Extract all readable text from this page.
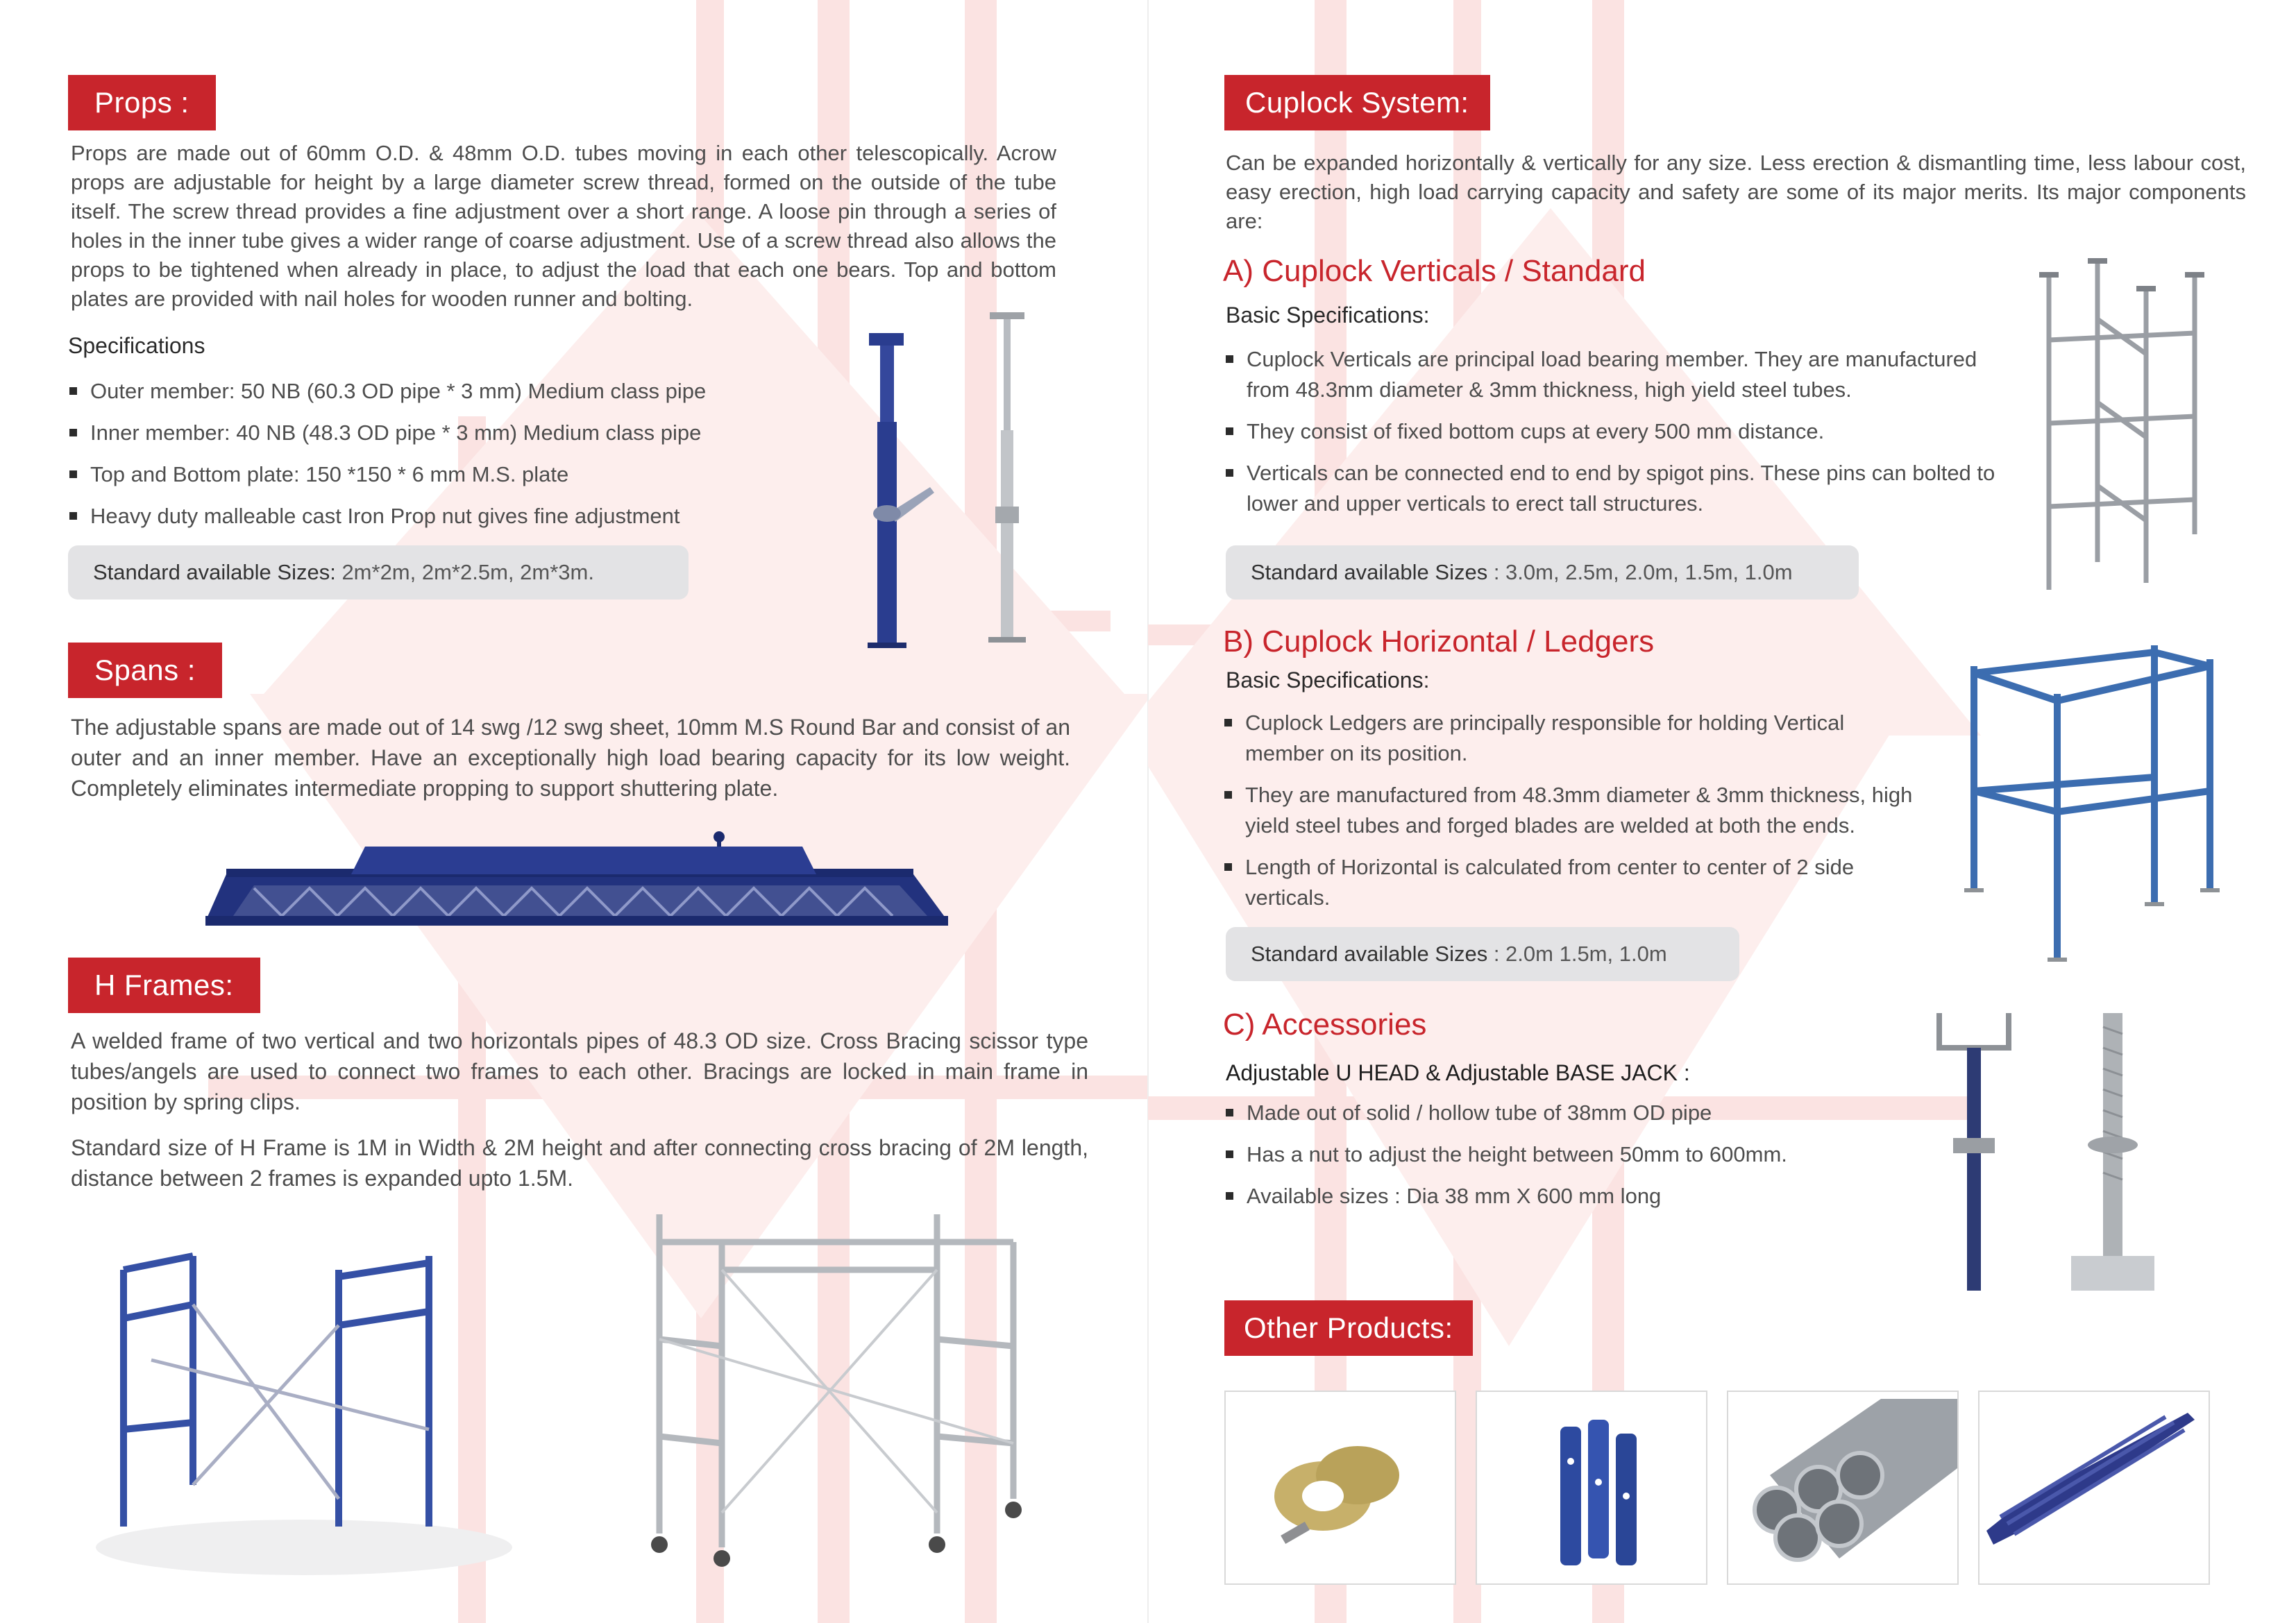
Props :

Props are made out of 60mm O.D. & 48mm O.D. tubes moving in each other telescopically. Acrow props are adjustable for height by a large diameter screw thread, formed on the outside of the tube itself. The screw thread provides a fine adjustment over a short range. A loose pin through a series of holes in the inner tube gives a wider range of coarse adjustment. Use of a screw thread also allows the props to be tightened when already in place, to adjust the load that each one bears. Top and bottom plates are provided with nail holes for wooden runner and bolting.

Specifications
Outer member: 50 NB (60.3 OD pipe * 3 mm) Medium class pipe
Inner member: 40 NB (48.3 OD pipe * 3 mm) Medium class pipe
Top and Bottom plate: 150 *150 * 6 mm M.S. plate
Heavy duty malleable cast Iron Prop nut gives fine adjustment
Standard available Sizes: 2m*2m, 2m*2.5m, 2m*3m.
Spans :

The adjustable spans are made out of 14 swg /12 swg sheet, 10mm M.S Round Bar and consist of an outer and an inner member. Have an exceptionally high load bearing capacity for its low weight. Completely eliminates intermediate propping to support shuttering plate.

H Frames:

A welded frame of two vertical and two horizontals pipes of 48.3 OD size. Cross Bracing scissor type tubes/angels are used to connect two frames to each other. Bracings are locked in main frame in position by spring clips.

Standard size of H Frame is 1M in Width & 2M height and after connecting cross bracing of 2M length, distance between 2 frames is expanded upto 1.5M.

Cuplock System:

Can be expanded horizontally & vertically for any size. Less erection & dismantling time, less labour cost, easy erection, high load carrying capacity and safety are some of its major merits. Its major components are:

A) Cuplock Verticals / Standard
Basic Specifications:
Cuplock Verticals are principal load bearing member. They are manufactured from 48.3mm diameter & 3mm thickness, high yield steel tubes.
They consist of fixed bottom cups at every 500 mm distance.
Verticals can be connected end to end by spigot pins. These pins can bolted to lower and upper verticals to erect tall structures.
Standard available Sizes : 3.0m, 2.5m, 2.0m, 1.5m, 1.0m
B) Cuplock Horizontal / Ledgers
Basic Specifications:
Cuplock Ledgers are principally responsible for holding Vertical member on its position.
They are manufactured from 48.3mm diameter & 3mm thickness, high yield steel tubes and forged blades are welded at both the ends.
Length of Horizontal is calculated from center to center of 2 side verticals.
Standard available Sizes : 2.0m 1.5m, 1.0m
C) Accessories
Adjustable U HEAD & Adjustable BASE JACK :
Made out of solid / hollow tube of 38mm OD pipe
Has a nut to adjust the height between 50mm to 600mm.
Available sizes : Dia 38 mm X 600 mm long
Other Products:
